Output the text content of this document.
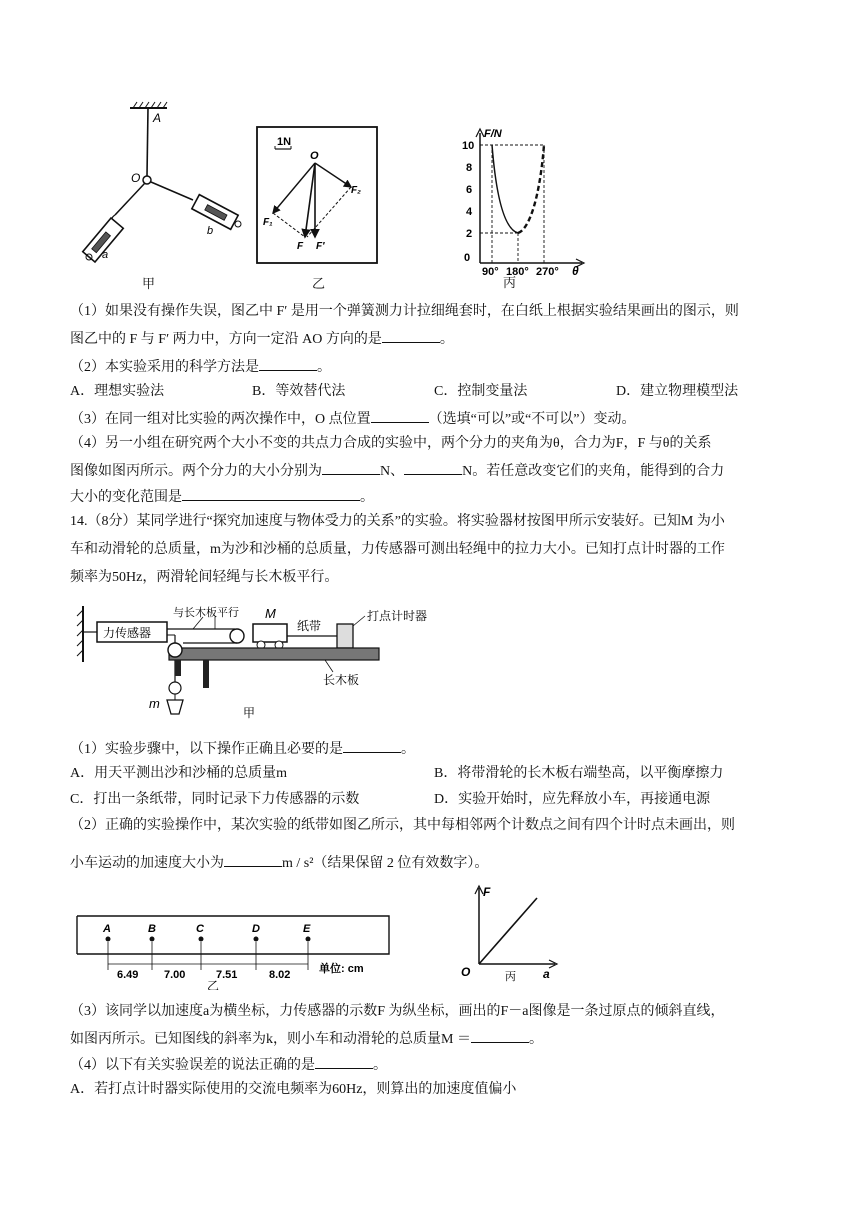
A
O
a
b
甲
1N
O
F₁
F₂
F F′
乙
F/N
10
8
6
4
2
0
90° 180° 270° θ
丙
（1）如果没有操作失误，图乙中 F′ 是用一个弹簧测力计拉细绳套时，在白纸上根据实验结果画出的图示，则
图乙中的 F 与 F′ 两力中，方向一定沿 AO 方向的是	。
（2）本实验采用的科学方法是	。
A．理想实验法	B．等效替代法	C．控制变量法	D．建立物理模型法
（3）在同一组对比实验的两次操作中，O 点位置	（选填“可以”或“不可以”）变动。
（4）另一小组在研究两个大小不变的共点力合成的实验中，两个分力的夹角为θ，合力为F，F 与θ的关系
图像如图丙所示。两个分力的大小分别为	N、	N。若任意改变它们的夹角，能得到的合力
大小的变化范围是	。
14.（8分）某同学进行“探究加速度与物体受力的关系”的实验。将实验器材按图甲所示安装好。已知M 为小
车和动滑轮的总质量，m为沙和沙桶的总质量，力传感器可测出轻绳中的拉力大小。已知打点计时器的工作
频率为50Hz，两滑轮间轻绳与长木板平行。
力传感器
与长木板平行 M
纸带
打点计时器
长木板
m
甲
（1）实验步骤中，以下操作正确且必要的是	。
A．用天平测出沙和沙桶的总质量m	B．将带滑轮的长木板右端垫高，以平衡摩擦力
C．打出一条纸带，同时记录下力传感器的示数	D．实验开始时，应先释放小车，再接通电源
（2）正确的实验操作中，某次实验的纸带如图乙所示，其中每相邻两个计数点之间有四个计时点未画出，则
小车运动的加速度大小为	m / s²（结果保留 2 位有效数字）。
A	B	C	D	E
6.49 7.00	7.51	8.02	单位: cm
乙
F
a
O	丙
（3）该同学以加速度a为横坐标，力传感器的示数F 为纵坐标，画出的F－a图像是一条过原点的倾斜直线，
如图丙所示。已知图线的斜率为k，则小车和动滑轮的总质量M ＝	。
（4）以下有关实验误差的说法正确的是	。
A．若打点计时器实际使用的交流电频率为60Hz，则算出的加速度值偏小
